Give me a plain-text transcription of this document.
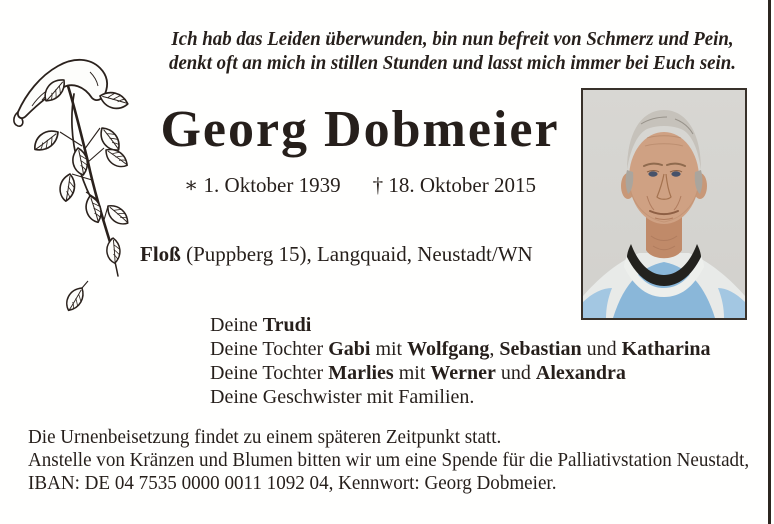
Ich hab das Leiden überwunden, bin nun befreit von Schmerz und Pein,
denkt oft an mich in stillen Stunden und lasst mich immer bei Euch sein.
Georg Dobmeier
∗ 1. Oktober 1939 † 18. Oktober 2015
Floß (Puppberg 15), Langquaid, Neustadt/WN
Deine Trudi
Deine Tochter Gabi mit Wolfgang, Sebastian und Katharina
Deine Tochter Marlies mit Werner und Alexandra
Deine Geschwister mit Familien.
Die Urnenbeisetzung findet zu einem späteren Zeitpunkt statt.
Anstelle von Kränzen und Blumen bitten wir um eine Spende für die Palliativstation Neustadt,
IBAN: DE 04 7535 0000 0011 1092 04, Kennwort: Georg Dobmeier.
